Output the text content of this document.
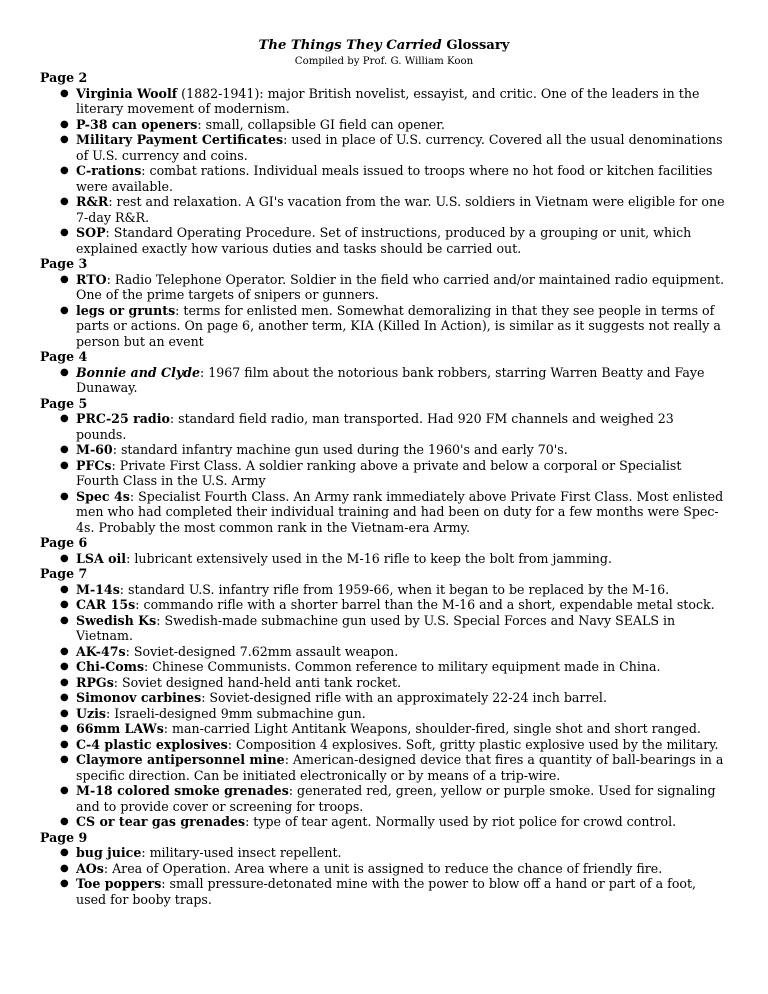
The Things They Carried Glossary
Compiled by Prof. G. William Koon
Page 2
● Virginia Woolf (1882-1941): major British novelist, essayist, and critic. One of the leaders in the literary movement of modernism.
● P-38 can openers: small, collapsible GI field can opener.
● Military Payment Certificates: used in place of U.S. currency. Covered all the usual denominations of U.S. currency and coins.
● C-rations: combat rations. Individual meals issued to troops where no hot food or kitchen facilities were available.
● R&R: rest and relaxation. A GI's vacation from the war. U.S. soldiers in Vietnam were eligible for one 7-day R&R.
● SOP: Standard Operating Procedure. Set of instructions, produced by a grouping or unit, which explained exactly how various duties and tasks should be carried out.
Page 3
● RTO: Radio Telephone Operator. Soldier in the field who carried and/or maintained radio equipment. One of the prime targets of snipers or gunners.
● legs or grunts: terms for enlisted men. Somewhat demoralizing in that they see people in terms of parts or actions. On page 6, another term, KIA (Killed In Action), is similar as it suggests not really a person but an event
Page 4
● Bonnie and Clyde: 1967 film about the notorious bank robbers, starring Warren Beatty and Faye Dunaway.
Page 5
● PRC-25 radio: standard field radio, man transported. Had 920 FM channels and weighed 23 pounds.
● M-60: standard infantry machine gun used during the 1960's and early 70's.
● PFCs: Private First Class. A soldier ranking above a private and below a corporal or Specialist Fourth Class in the U.S. Army
● Spec 4s: Specialist Fourth Class. An Army rank immediately above Private First Class. Most enlisted men who had completed their individual training and had been on duty for a few months were Spec-4s. Probably the most common rank in the Vietnam-era Army.
Page 6
● LSA oil: lubricant extensively used in the M-16 rifle to keep the bolt from jamming.
Page 7
● M-14s: standard U.S. infantry rifle from 1959-66, when it began to be replaced by the M-16.
● CAR 15s: commando rifle with a shorter barrel than the M-16 and a short, expendable metal stock.
● Swedish Ks: Swedish-made submachine gun used by U.S. Special Forces and Navy SEALS in Vietnam.
● AK-47s: Soviet-designed 7.62mm assault weapon.
● Chi-Coms: Chinese Communists. Common reference to military equipment made in China.
● RPGs: Soviet designed hand-held anti tank rocket.
● Simonov carbines: Soviet-designed rifle with an approximately 22-24 inch barrel.
● Uzis: Israeli-designed 9mm submachine gun.
● 66mm LAWs: man-carried Light Antitank Weapons, shoulder-fired, single shot and short ranged.
● C-4 plastic explosives: Composition 4 explosives. Soft, gritty plastic explosive used by the military.
● Claymore antipersonnel mine: American-designed device that fires a quantity of ball-bearings in a specific direction. Can be initiated electronically or by means of a trip-wire.
● M-18 colored smoke grenades: generated red, green, yellow or purple smoke. Used for signaling and to provide cover or screening for troops.
● CS or tear gas grenades: type of tear agent. Normally used by riot police for crowd control.
Page 9
● bug juice: military-used insect repellent.
● AOs: Area of Operation. Area where a unit is assigned to reduce the chance of friendly fire.
● Toe poppers: small pressure-detonated mine with the power to blow off a hand or part of a foot, used for booby traps.
